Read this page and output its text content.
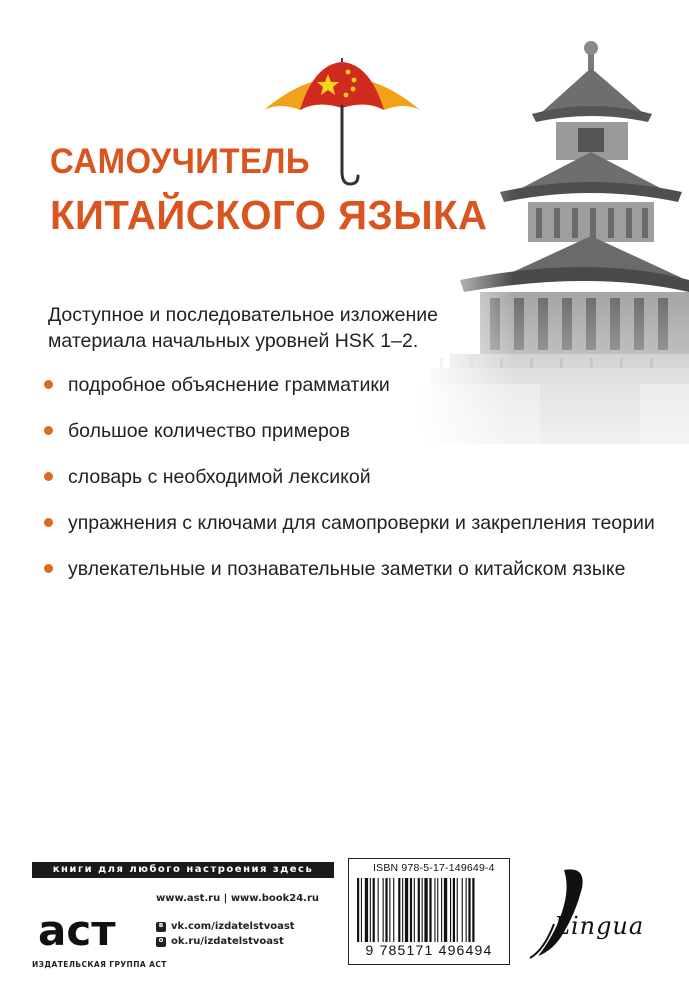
САМОУЧИТЕЛЬ
КИТАЙСКОГО ЯЗЫКА

Доступное и последовательное изложение материала начальных уровней HSK 1–2.

подробное объяснение грамматики
большое количество примеров
словарь с необходимой лексикой
упражнения с ключами для самопроверки и закрепления теории
увлекательные и познавательные заметки о китайском языке
книги для любого настроения здесь
аст
ИЗДАТЕЛЬСКАЯ ГРУППА АСТ
www.ast.ru | www.book24.ru
в vk.com/izdatelstvoast
о ok.ru/izdatelstvoast
ISBN 978-5-17-149649-4
9 785171 496494
Lingua
